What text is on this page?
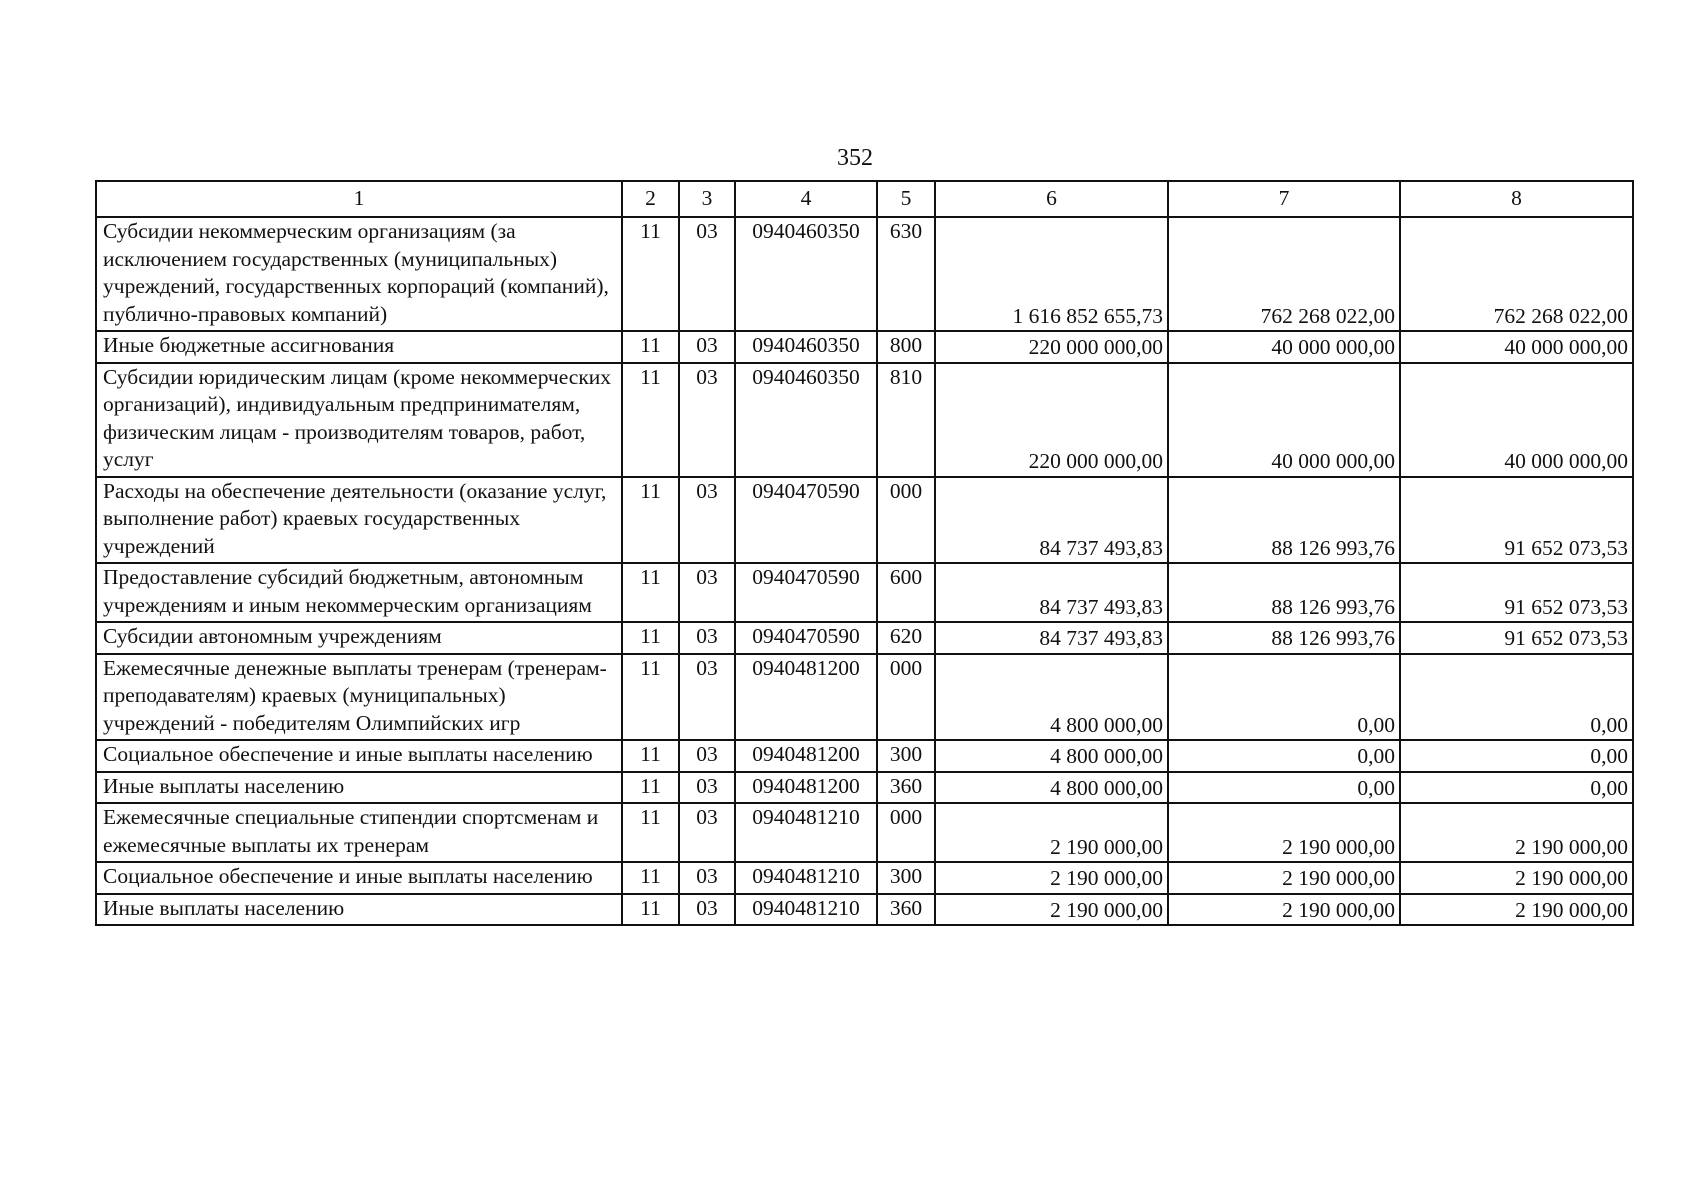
352
1	2	3	4	5	6	7	8
Субсидии некоммерческим организациям (за исключением государственных (муниципальных) учреждений, государственных корпораций (компаний), публично-правовых компаний)	11	03	0940460350	630	1 616 852 655,73	762 268 022,00	762 268 022,00
Иные бюджетные ассигнования	11	03	0940460350	800	220 000 000,00	40 000 000,00	40 000 000,00
Субсидии юридическим лицам (кроме некоммерческих организаций), индивидуальным предпринимателям, физическим лицам - производителям товаров, работ, услуг	11	03	0940460350	810	220 000 000,00	40 000 000,00	40 000 000,00
Расходы на обеспечение деятельности (оказание услуг, выполнение работ) краевых государственных учреждений	11	03	0940470590	000	84 737 493,83	88 126 993,76	91 652 073,53
Предоставление субсидий бюджетным, автономным учреждениям и иным некоммерческим организациям	11	03	0940470590	600	84 737 493,83	88 126 993,76	91 652 073,53
Субсидии автономным учреждениям	11	03	0940470590	620	84 737 493,83	88 126 993,76	91 652 073,53
Ежемесячные денежные выплаты тренерам (тренерам-преподавателям) краевых (муниципальных) учреждений - победителям Олимпийских игр	11	03	0940481200	000	4 800 000,00	0,00	0,00
Социальное обеспечение и иные выплаты населению	11	03	0940481200	300	4 800 000,00	0,00	0,00
Иные выплаты населению	11	03	0940481200	360	4 800 000,00	0,00	0,00
Ежемесячные специальные стипендии спортсменам и ежемесячные выплаты их тренерам	11	03	0940481210	000	2 190 000,00	2 190 000,00	2 190 000,00
Социальное обеспечение и иные выплаты населению	11	03	0940481210	300	2 190 000,00	2 190 000,00	2 190 000,00
Иные выплаты населению	11	03	0940481210	360	2 190 000,00	2 190 000,00	2 190 000,00
